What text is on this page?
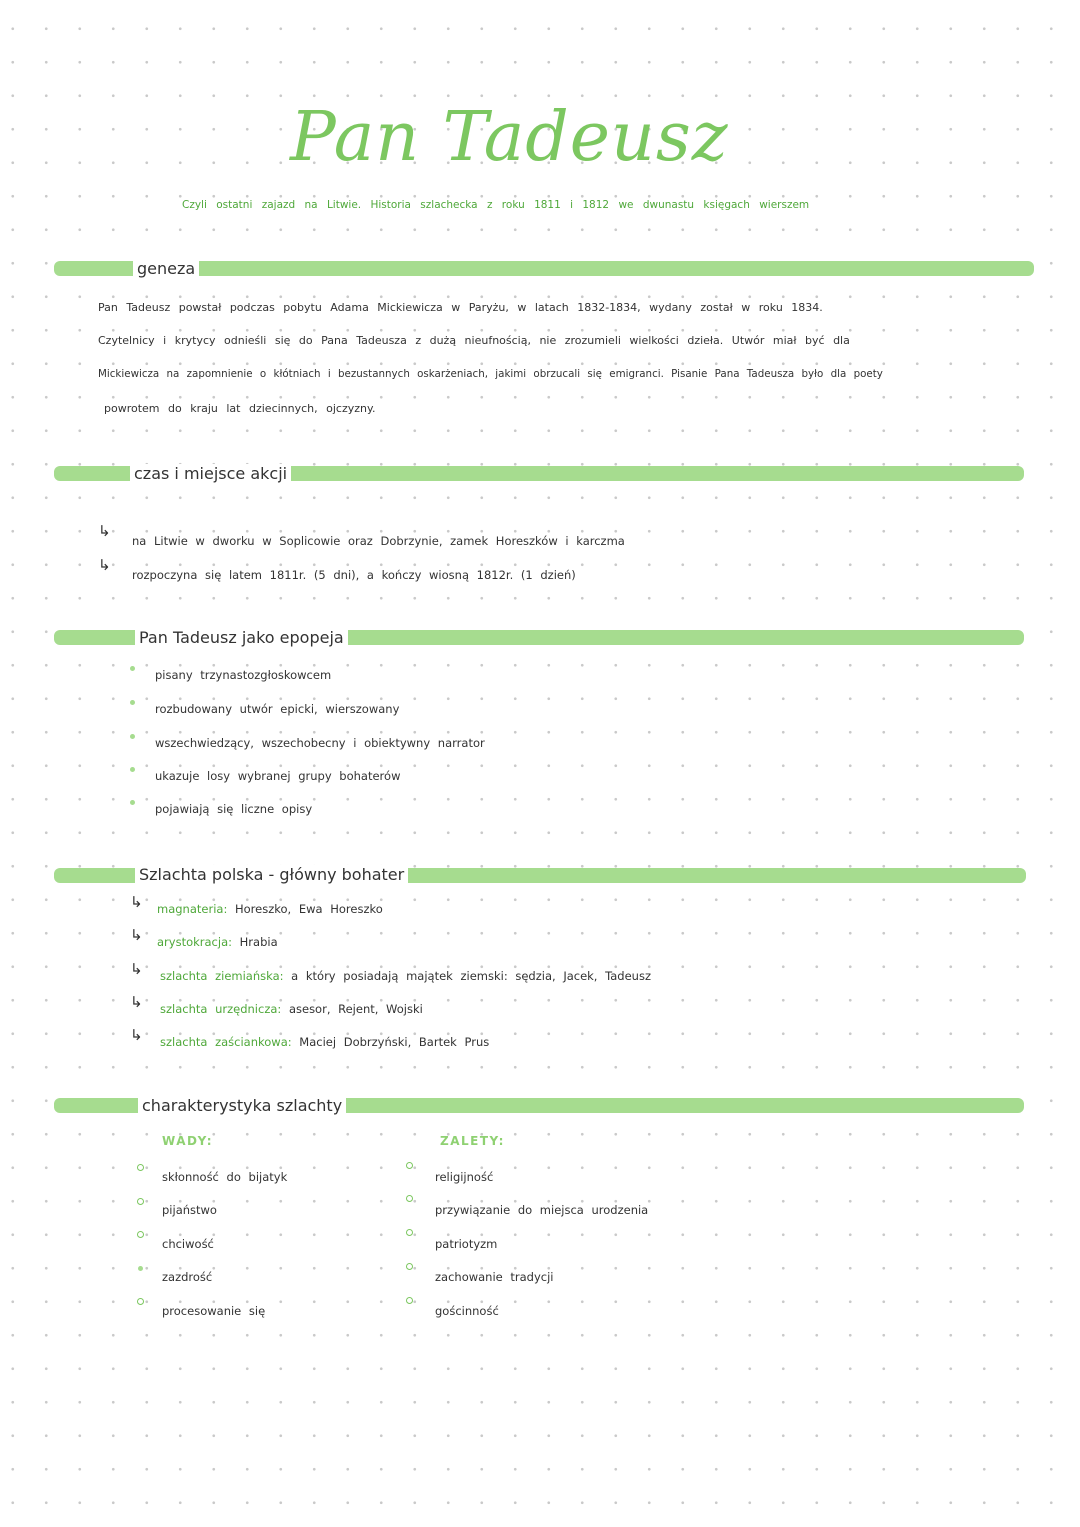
Pan Tadeusz
Czyli ostatni zajazd na Litwie. Historia szlachecka z roku 1811 i 1812 we dwunastu księgach wierszem
geneza
Pan Tadeusz powstał podczas pobytu Adama Mickiewicza w Paryżu, w latach 1832-1834, wydany został w roku 1834.
Czytelnicy i krytycy odnieśli się do Pana Tadeusza z dużą nieufnością, nie zrozumieli wielkości dzieła. Utwór miał być dla
Mickiewicza na zapomnienie o kłótniach i bezustannych oskarżeniach, jakimi obrzucali się emigranci. Pisanie Pana Tadeusza było dla poety
powrotem do kraju lat dziecinnych, ojczyzny.
czas i miejsce akcji
↳
na Litwie w dworku w Soplicowie oraz Dobrzynie, zamek Horeszków i karczma
↳
rozpoczyna się latem 1811r. (5 dni), a kończy wiosną 1812r. (1 dzień)
Pan Tadeusz jako epopeja
pisany trzynastozgłoskowcem
rozbudowany utwór epicki, wierszowany
wszechwiedzący, wszechobecny i obiektywny narrator
ukazuje losy wybranej grupy bohaterów
pojawiają się liczne opisy
Szlachta polska - główny bohater
↳ magnateria: Horeszko, Ewa Horeszko
↳ arystokracja: Hrabia
↳ szlachta ziemiańska: a który posiadają majątek ziemski: sędzia, Jacek, Tadeusz
↳ szlachta urzędnicza: asesor, Rejent, Wojski
↳ szlachta zaściankowa: Maciej Dobrzyński, Bartek Prus
charakterystyka szlachty
WADY:	ZALETY:
skłonność do bijatyk
pijaństwo
chciwość
zazdrość
procesowanie się
religijność
przywiązanie do miejsca urodzenia
patriotyzm
zachowanie tradycji
gościnność
